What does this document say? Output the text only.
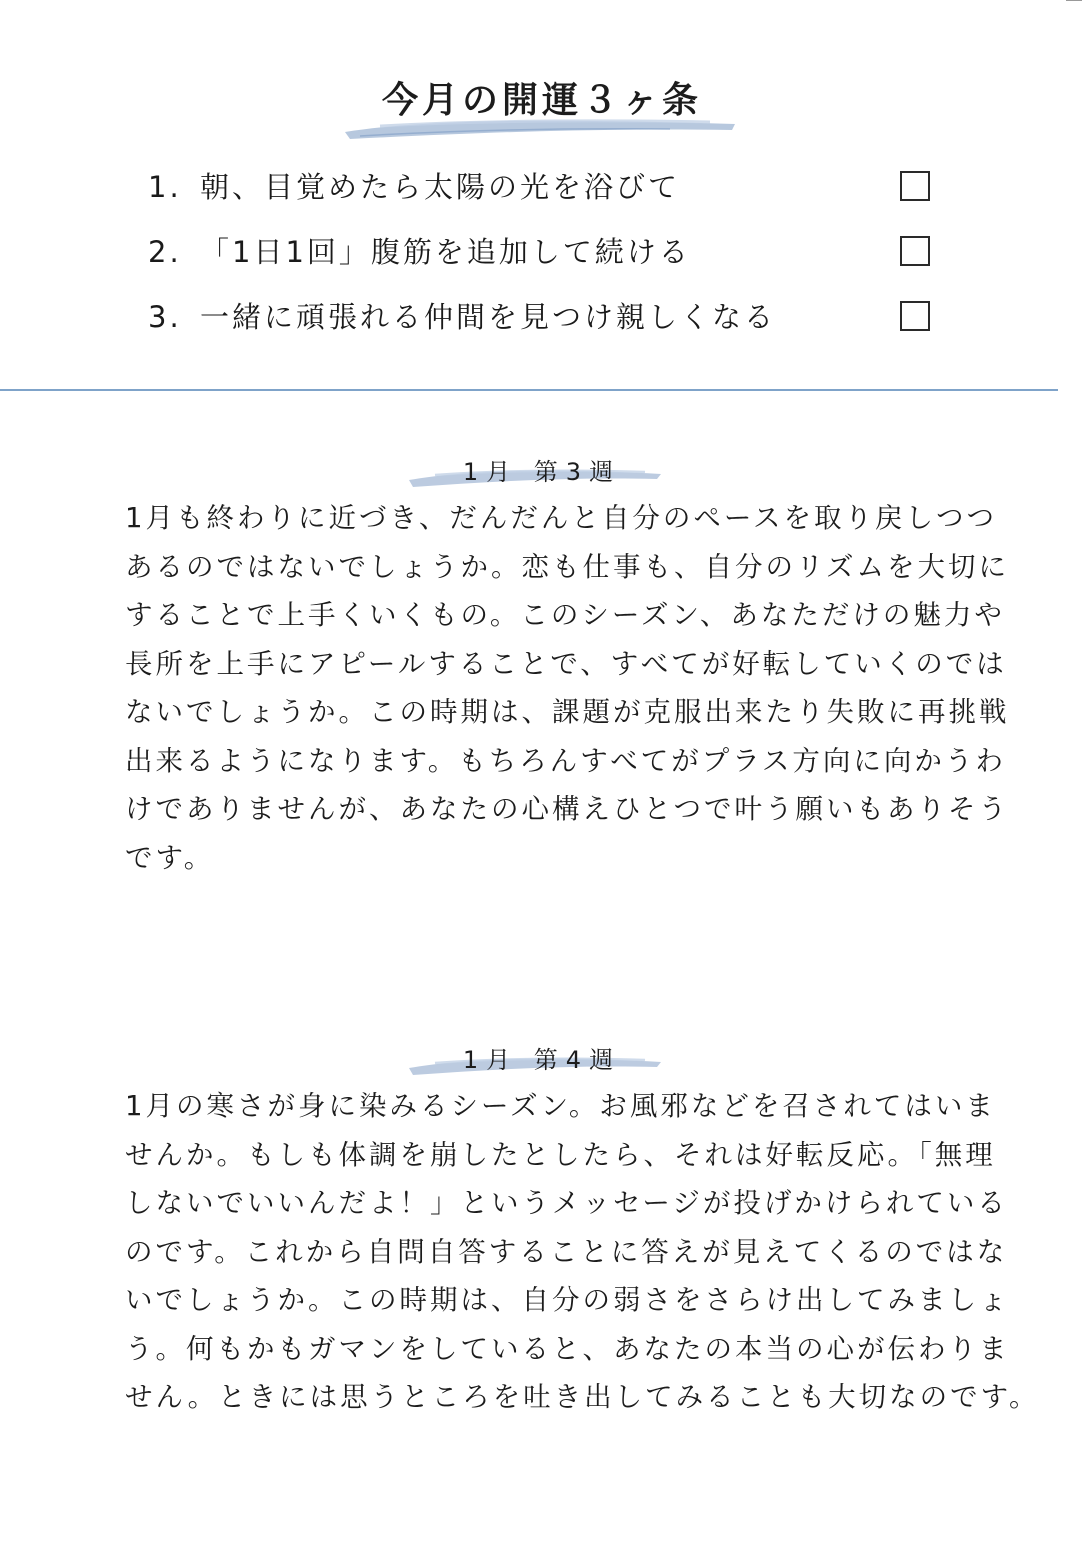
今月の開運３ヶ条
1. 朝、目覚めたら太陽の光を浴びて
2. 「1日1回」腹筋を追加して続ける
3. 一緒に頑張れる仲間を見つけ親しくなる
1月 第3週
1月も終わりに近づき、だんだんと自分のペースを取り戻しつつ
あるのではないでしょうか。恋も仕事も、自分のリズムを大切に
することで上手くいくもの。このシーズン、あなただけの魅力や
長所を上手にアピールすることで、すべてが好転していくのでは
ないでしょうか。この時期は、課題が克服出来たり失敗に再挑戦
出来るようになります。もちろんすべてがプラス方向に向かうわ
けでありませんが、あなたの心構えひとつで叶う願いもありそう
です。
1月 第4週
1月の寒さが身に染みるシーズン。お風邪などを召されてはいま
せんか。もしも体調を崩したとしたら、それは好転反応。「無理
しないでいいんだよ！」というメッセージが投げかけられている
のです。これから自問自答することに答えが見えてくるのではな
いでしょうか。この時期は、自分の弱さをさらけ出してみましょ
う。何もかもガマンをしていると、あなたの本当の心が伝わりま
せん。ときには思うところを吐き出してみることも大切なのです。
